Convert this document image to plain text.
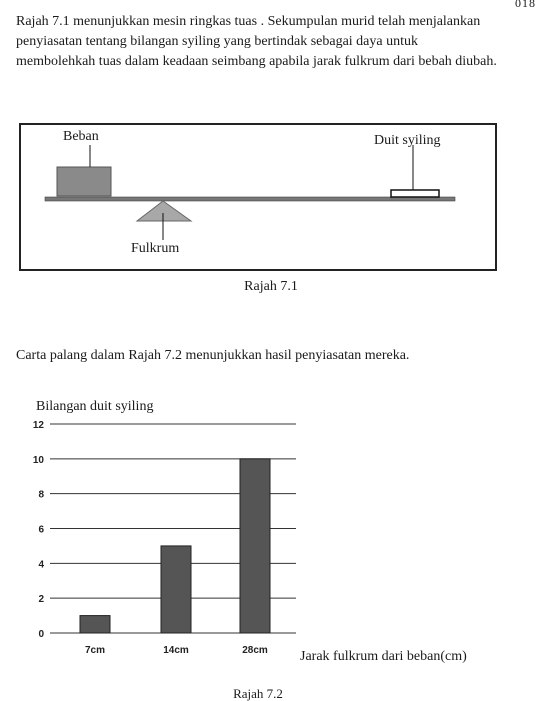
018
Rajah 7.1 menunjukkan mesin ringkas tuas . Sekumpulan murid telah menjalankan
penyiasatan tentang bilangan syiling yang bertindak sebagai daya untuk
membolehkah tuas dalam keadaan seimbang apabila jarak fulkrum dari bebah diubah.
Beban	Duit syiling
Fulkrum
Rajah 7.1
Carta palang dalam Rajah 7.2 menunjukkan hasil penyiasatan mereka.
Bilangan duit syiling
0
2
4
6
8
10
12
7cm	14cm	28cm Jarak fulkrum dari beban(cm)
Rajah 7.2
